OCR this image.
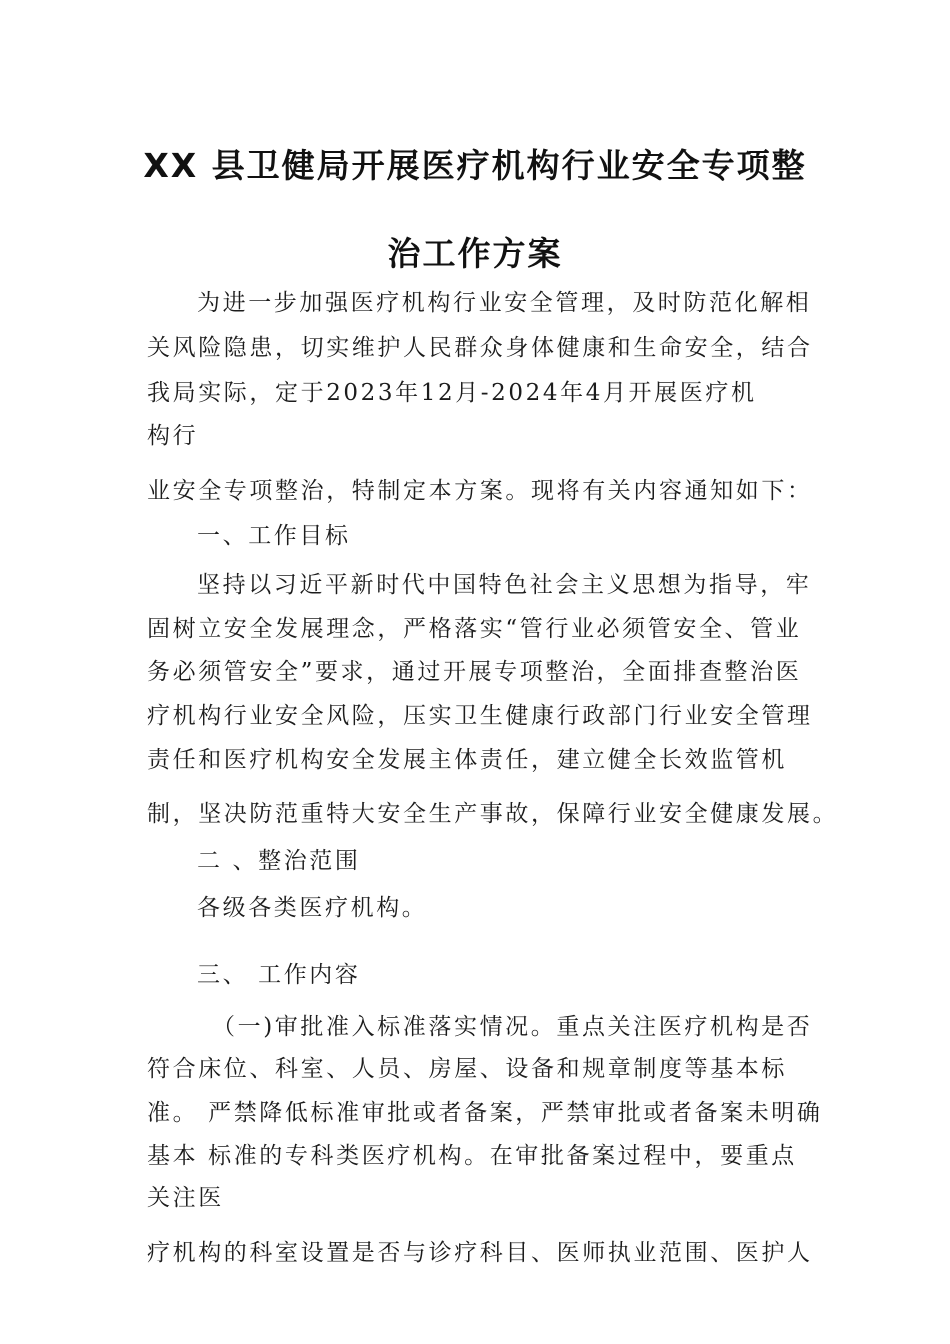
XX 县卫健局开展医疗机构行业安全专项整
治工作方案
为进一步加强医疗机构行业安全管理，及时防范化解相
关风险隐患，切实维护人民群众身体健康和生命安全，结合
我局实际，定于2023年12月-2024年4月开展医疗机
构行
业安全专项整治，特制定本方案。现将有关内容通知如下：
一、工作目标
坚持以习近平新时代中国特色社会主义思想为指导，牢
固树立安全发展理念，严格落实“管行业必须管安全、管业
务必须管安全”要求，通过开展专项整治，全面排查整治医
疗机构行业安全风险，压实卫生健康行政部门行业安全管理
责任和医疗机构安全发展主体责任，建立健全长效监管机
制，坚决防范重特大安全生产事故，保障行业安全健康发展。
二 、整治范围
各级各类医疗机构。
三、 工作内容
（一)审批准入标准落实情况。重点关注医疗机构是否
符合床位、科室、人员、房屋、设备和规章制度等基本标
准。 严禁降低标准审批或者备案，严禁审批或者备案未明确
基本 标准的专科类医疗机构。在审批备案过程中，要重点
关注医
疗机构的科室设置是否与诊疗科目、医师执业范围、医护人
